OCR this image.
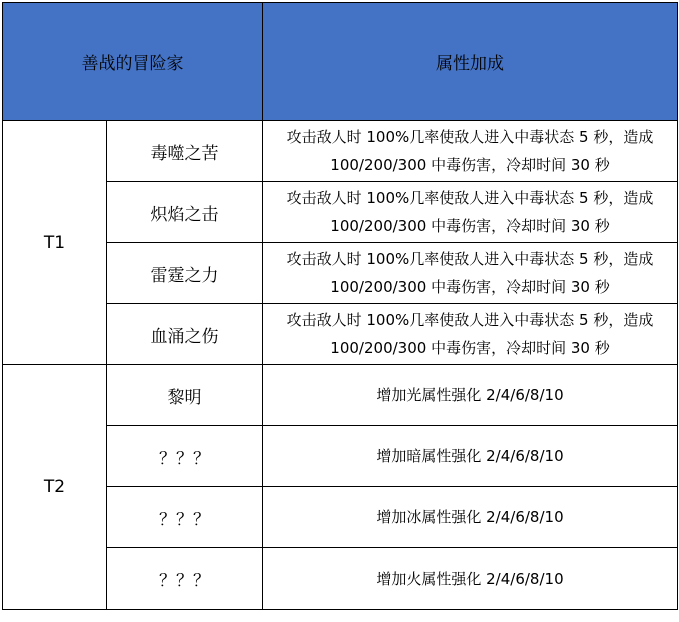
善战的冒险家		属性加成
T1	毒噬之苦	攻击敌人时 100%几率使敌人进入中毒状态 5 秒，造成
100/200/300 中毒伤害，冷却时间 30 秒

	炽焰之击	攻击敌人时 100%几率使敌人进入中毒状态 5 秒，造成
100/200/300 中毒伤害，冷却时间 30 秒

	雷霆之力	攻击敌人时 100%几率使敌人进入中毒状态 5 秒，造成
100/200/300 中毒伤害，冷却时间 30 秒

	血涌之伤	攻击敌人时 100%几率使敌人进入中毒状态 5 秒，造成
100/200/300 中毒伤害，冷却时间 30 秒

T2	黎明	增加光属性强化 2/4/6/8/10
	？？？	增加暗属性强化 2/4/6/8/10
	？？？	增加冰属性强化 2/4/6/8/10
	？？？	增加火属性强化 2/4/6/8/10
